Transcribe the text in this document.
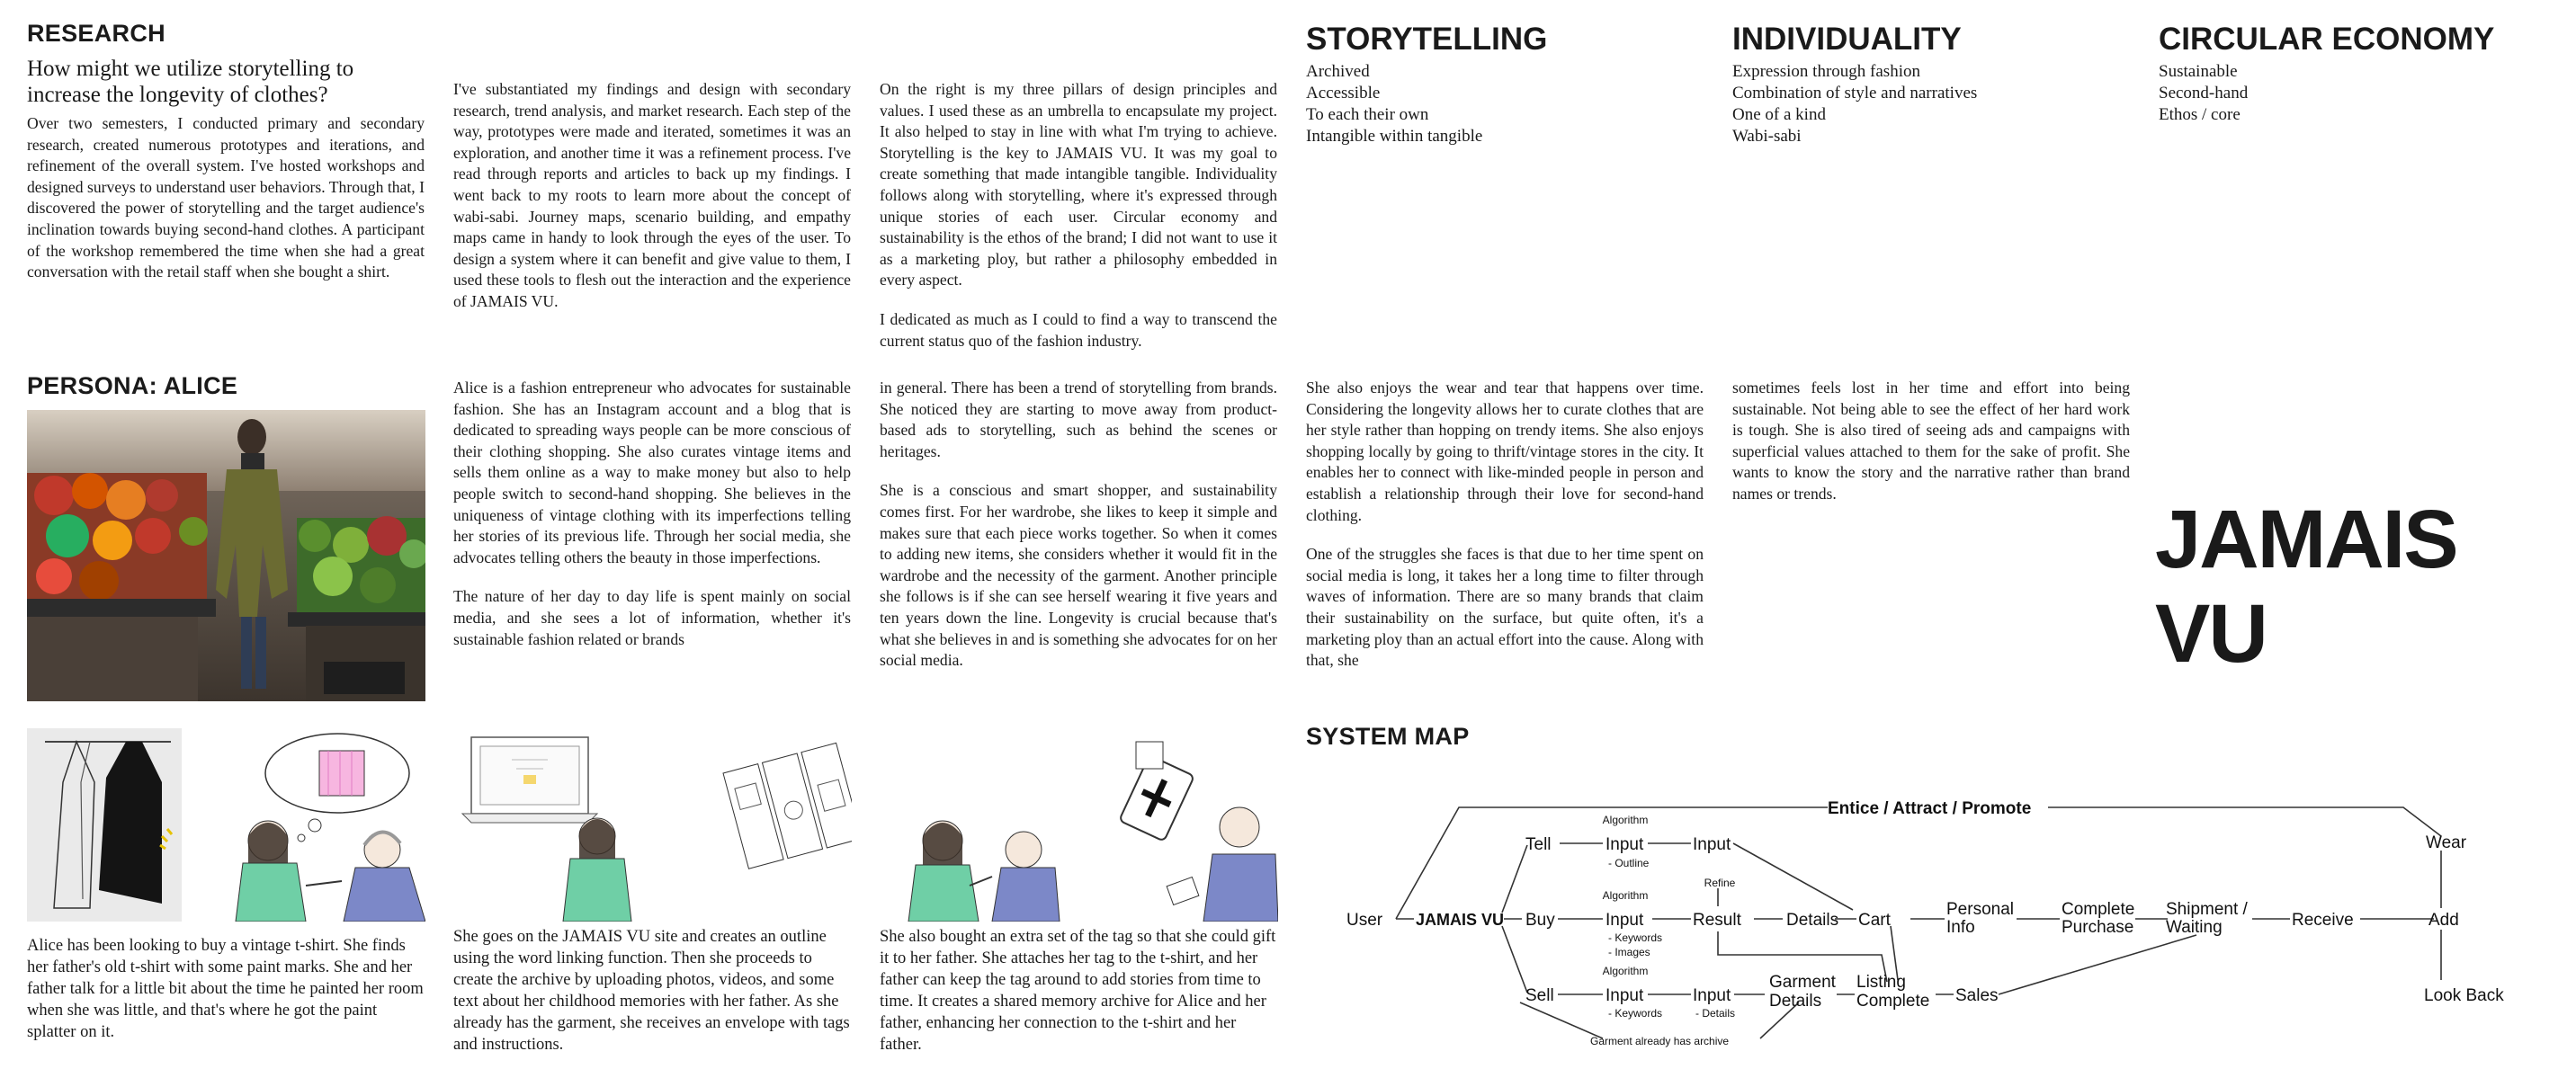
RESEARCH
How might we utilize storytelling to increase the longevity of clothes?

Over two semesters, I conducted primary and secondary research, created numerous prototypes and iterations, and refinement of the overall system. I've hosted workshops and designed surveys to understand user behaviors. Through that, I discovered the power of storytelling and the target audience's inclination towards buying second-hand clothes. A participant of the workshop remembered the time when she had a great conversation with the retail staff when she bought a shirt.

I've substantiated my findings and design with secondary research, trend analysis, and market research. Each step of the way, prototypes were made and iterated, sometimes it was an exploration, and another time it was a refinement process. I've read through reports and articles to back up my findings. I went back to my roots to learn more about the concept of wabi-sabi. Journey maps, scenario building, and empathy maps came in handy to look through the eyes of the user. To design a system where it can benefit and give value to them, I used these tools to flesh out the interaction and the experience of JAMAIS VU.

On the right is my three pillars of design principles and values. I used these as an umbrella to encapsulate my project. It also helped to stay in line with what I'm trying to achieve. Storytelling is the key to JAMAIS VU. It was my goal to create something that made intangible tangible. Individuality follows along with storytelling, where it's expressed through unique stories of each user. Circular economy and sustainability is the ethos of the brand; I did not want to use it as a marketing ploy, but rather a philosophy embedded in every aspect.

I dedicated as much as I could to find a way to transcend the current status quo of the fashion industry.

STORYTELLING
Archived
Accessible
To each their own
Intangible within tangible
INDIVIDUALITY
Expression through fashion
Combination of style and narratives
One of a kind
Wabi-sabi
CIRCULAR ECONOMY
Sustainable
Second-hand
Ethos / core
PERSONA: ALICE	Alice is a fashion entrepreneur who advocates for sustainable fashion. She has an Instagram account and a blog that is dedicated to spreading ways people can be more conscious of their clothing shopping. She also curates vintage items and sells them online as a way to make money but also to help people switch to second-hand shopping. She believes in the uniqueness of vintage clothing with its imperfections telling her stories of its previous life. Through her social media, she advocates telling others the beauty in those imperfections.

The nature of her day to day life is spent mainly on social media, and she sees a lot of information, whether it's sustainable fashion related or brands

in general. There has been a trend of storytelling from brands. She noticed they are starting to move away from product-based ads to storytelling, such as behind the scenes or heritages.

She is a conscious and smart shopper, and sustainability comes first. For her wardrobe, she likes to keep it simple and makes sure that each piece works together. So when it comes to adding new items, she considers whether it would fit in the wardrobe and the necessity of the garment. Another principle she follows is if she can see herself wearing it five years and ten years down the line. Longevity is crucial because that's what she believes in and is something she advocates for on her social media.

She also enjoys the wear and tear that happens over time. Considering the longevity allows her to curate clothes that are her style rather than hopping on trendy items. She also enjoys shopping locally by going to thrift/vintage stores in the city. It enables her to connect with like-minded people in person and establish a relationship through their love for second-hand clothing.

One of the struggles she faces is that due to her time spent on social media is long, it takes her a long time to filter through waves of information. There are so many brands that claim their sustainability on the surface, but quite often, it's a marketing ploy than an actual effort into the cause. Along with that, she

sometimes feels lost in her time and effort into being sustainable. Not being able to see the effect of her hard work is tough. She is also tired of seeing ads and campaigns with superficial values attached to them for the sake of profit. She wants to know the story and the narrative rather than brand names or trends.

JAMAIS VU

Alice has been looking to buy a vintage t-shirt. She finds her father's old t-shirt with some paint marks. She and her father talk for a little bit about the time he painted her room when she was little, and that's where he got the paint splatter on it.

She goes on the JAMAIS VU site and creates an outline using the word linking function. Then she proceeds to create the archive by uploading photos, videos, and some text about her childhood memories with her father. As she already has the garment, she receives an envelope with tags and instructions.

She also bought an extra set of the tag so that she could gift it to her father. She attaches her tag to the t-shirt, and her father can keep the tag around to add stories from time to time. It creates a shared memory archive for Alice and her father, enhancing her connection to the t-shirt and her father.

SYSTEM MAP
Entice / Attract / Promote
User JAMAIS VU
Tell
Buy
Sell
Algorithm
Input
- Outline
Input
Algorithm
Input
- Keywords
- Images
Refine
Result	Details Cart
Algorithm
Input
- Keywords
Input
- Details
Garment
Details
Listing
Complete Sales
Garment already has archive
Personal
Info
Complete
Purchase
Shipment /
Waiting	Receive
Wear
Add
Look Back
